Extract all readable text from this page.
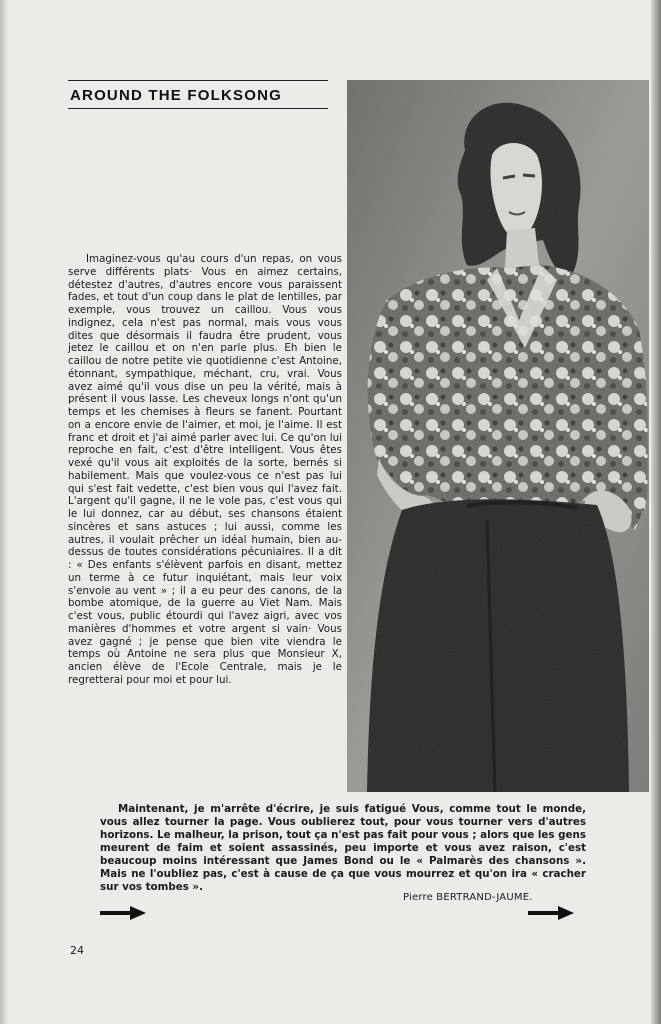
AROUND THE FOLKSONG

Imaginez-vous qu'au cours d'un repas, on vous serve différents plats· Vous en aimez certains, détestez d'autres, d'autres encore vous paraissent fades, et tout d'un coup dans le plat de lentilles, par exemple, vous trouvez un caillou. Vous vous indignez, cela n'est pas normal, mais vous vous dites que désormais il faudra être prudent, vous jetez le caillou et on n'en parle plus. Eh bien le caillou de notre petite vie quotidienne c'est Antoine, étonnant, sympathique, méchant, cru, vrai. Vous avez aimé qu'il vous dise un peu la vérité, mais à présent il vous lasse. Les cheveux longs n'ont qu'un temps et les chemises à fleurs se fanent. Pourtant on a encore envie de l'aimer, et moi, je l'aime. Il est franc et droit et j'ai aimé parler avec lui. Ce qu'on lui reproche en fait, c'est d'être intelligent. Vous êtes vexé qu'il vous ait exploités de la sorte, bernés si habilement. Mais que voulez-vous ce n'est pas lui qui s'est fait vedette, c'est bien vous qui l'avez fait. L'argent qu'il gagne, il ne le vole pas, c'est vous qui le lui donnez, car au début, ses chansons étaient sincères et sans astuces ; lui aussi, comme les autres, il voulait prêcher un idéal humain, bien au-dessus de toutes considérations pécuniaires. Il a dit : « Des enfants s'élèvent parfois en disant, mettez un terme à ce futur inquiétant, mais leur voix s'envole au vent » ; il a eu peur des canons, de la bombe atomique, de la guerre au Viet Nam. Mais c'est vous, public étourdi qui l'avez aigri, avec vos manières d'hommes et votre argent si vain· Vous avez gagné ; je pense que bien vite viendra le temps où Antoine ne sera plus que Monsieur X, ancien élève de l'Ecole Centrale, mais je le regretterai pour moi et pour lui.

Maintenant, je m'arrête d'écrire, je suis fatigué Vous, comme tout le monde, vous allez tourner la page. Vous oublierez tout, pour vous tourner vers d'autres horizons. Le malheur, la prison, tout ça n'est pas fait pour vous ; alors que les gens meurent de faim et soient assassinés, peu importe et vous avez raison, c'est beaucoup moins intéressant que James Bond ou le « Palmarès des chansons ». Mais ne l'oubliez pas, c'est à cause de ça que vous mourrez et qu'on ira « cracher sur vos tombes ».

Pierre BERTRAND-JAUME.
24
